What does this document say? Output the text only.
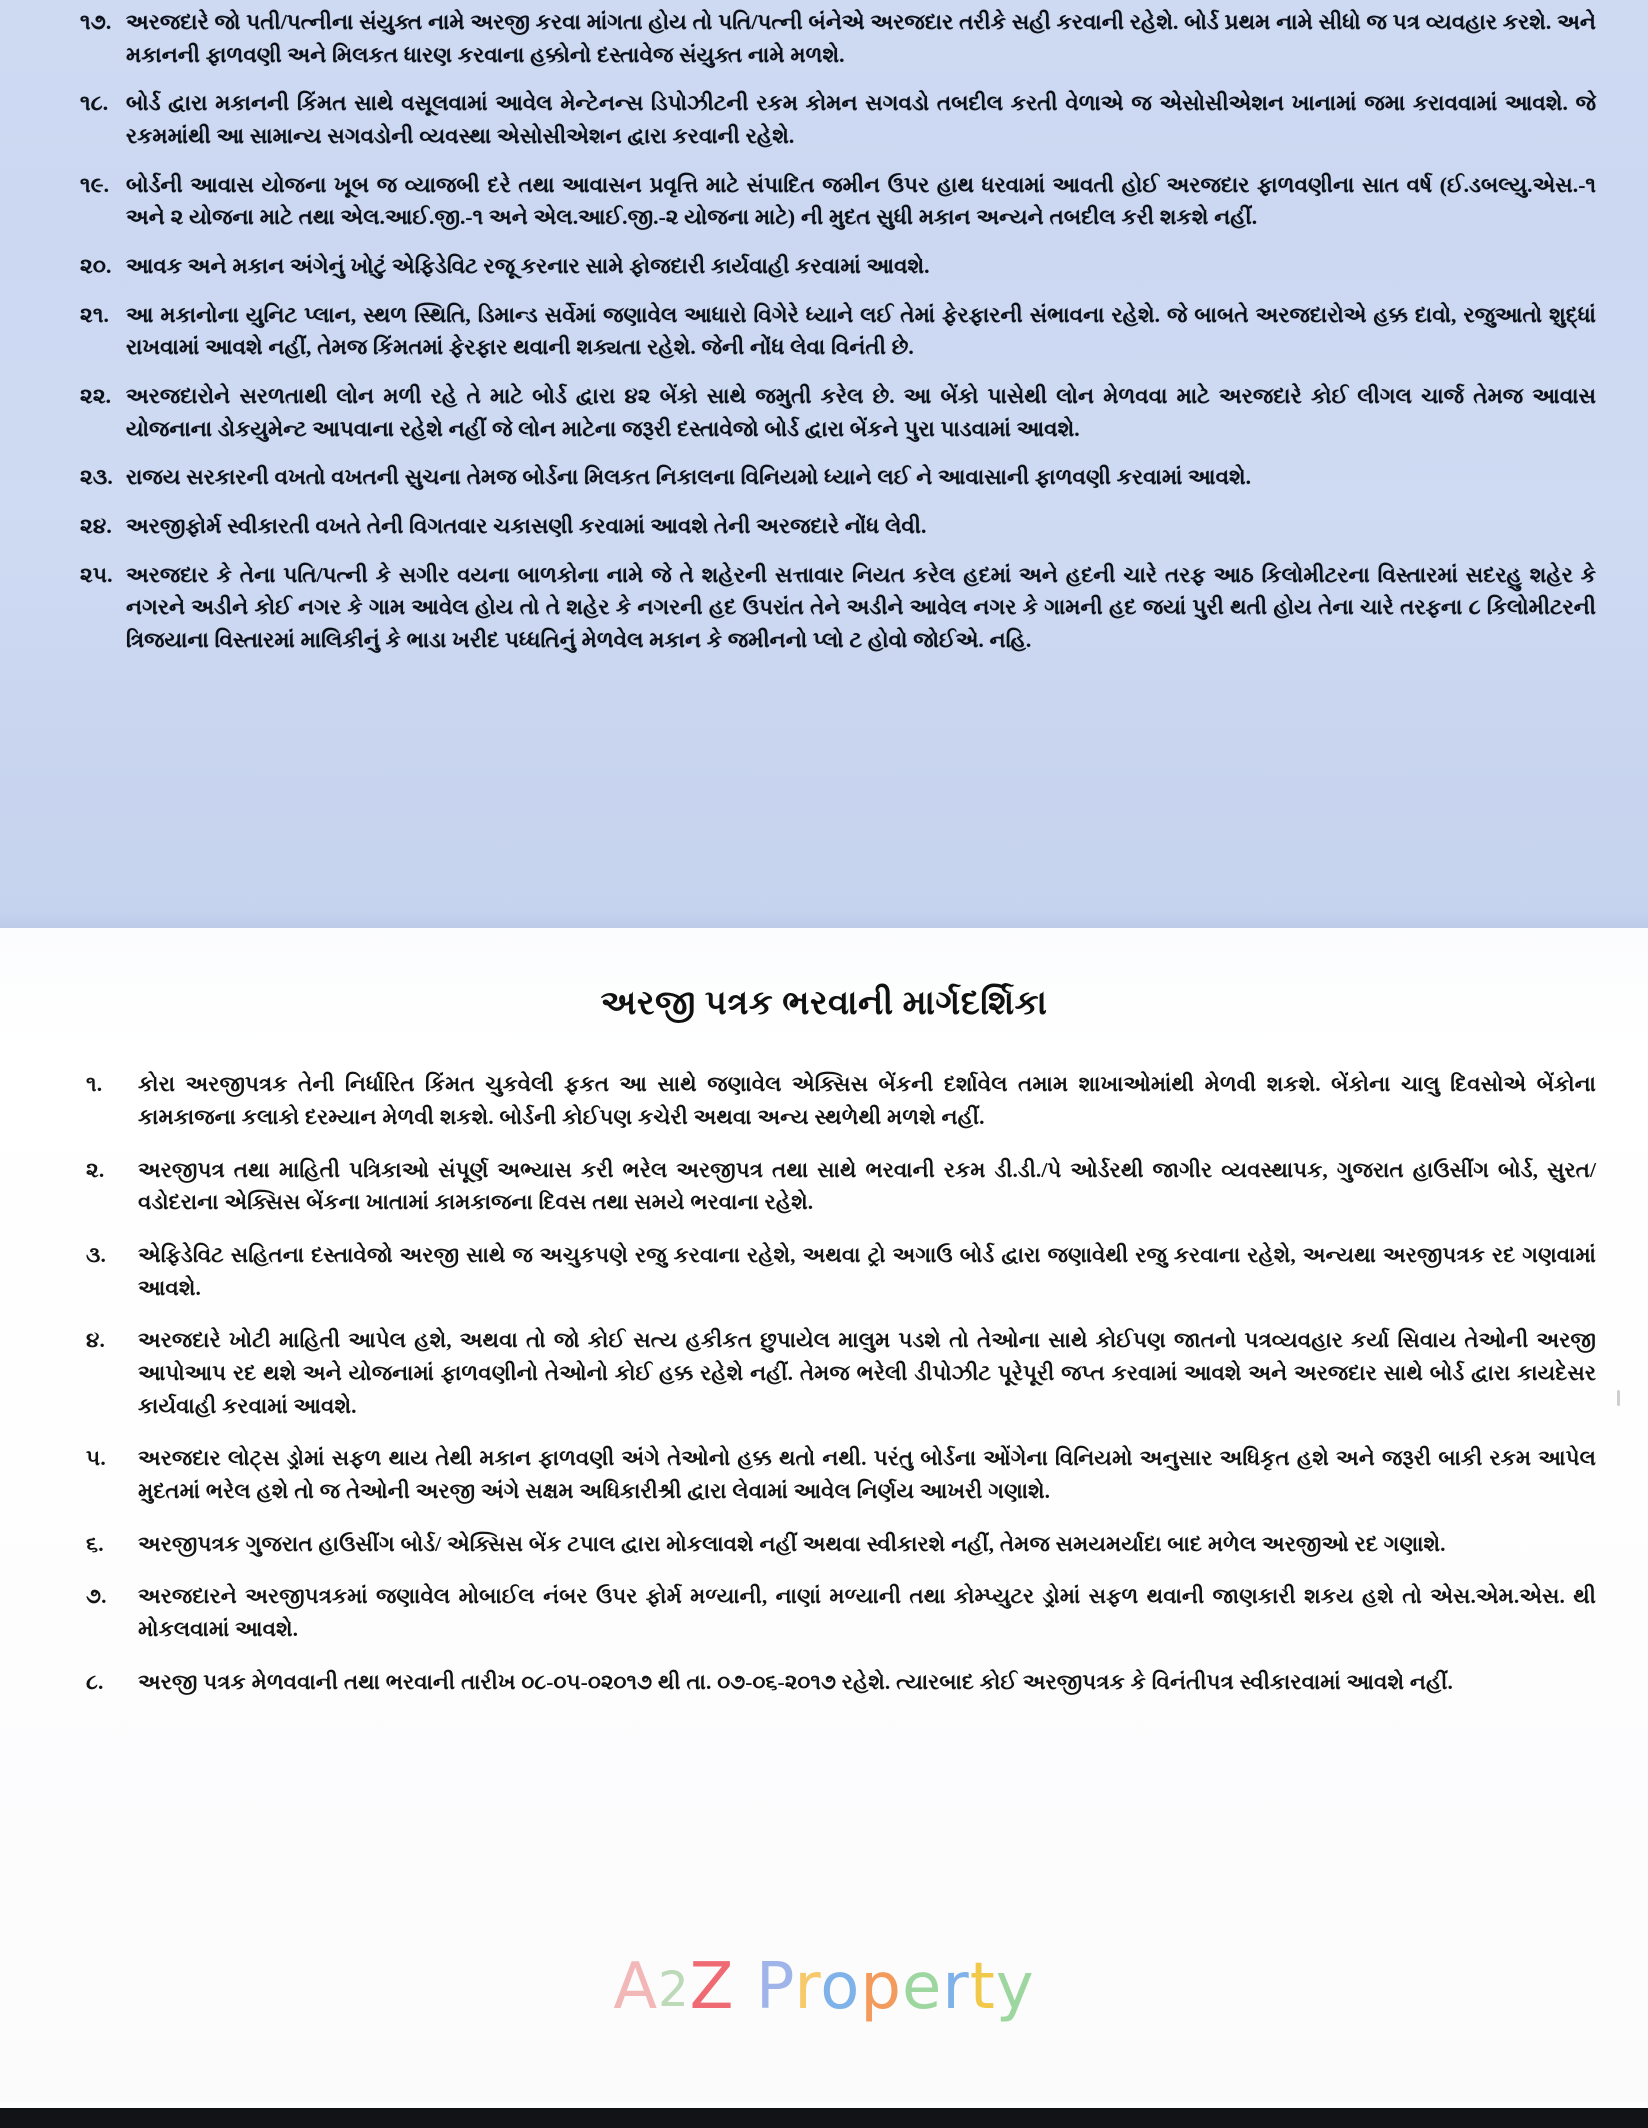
૧૭. અરજદારે જો પતી/પત્નીના સંયુક્ત નામે અરજી કરવા માંગતા હોય તો પતિ/પત્ની બંનેએ અરજદાર તરીકે સહી કરવાની રહેશે. બોર્ડ પ્રથમ નામે સીધો જ પત્ર વ્યવહાર કરશે. અને મકાનની ફાળવણી અને મિલકત ધારણ કરવાના હક્કોનો દસ્તાવેજ સંયુક્ત નામે મળશે.
૧૮. બોર્ડ દ્વારા મકાનની કિંમત સાથે વસૂલવામાં આવેલ મેન્ટેનન્સ ડિપોઝીટની રકમ કોમન સગવડો તબદીલ કરતી વેળાએ જ એસોસીએશન ખાનામાં જમા કરાવવામાં આવશે. જે રકમમાંથી આ સામાન્ય સગવડોની વ્યવસ્થા એસોસીએશન દ્વારા કરવાની રહેશે.
૧૯. બોર્ડની આવાસ યોજના ખૂબ જ વ્યાજબી દરે તથા આવાસન પ્રવૃત્તિ માટે સંપાદિત જમીન ઉપર હાથ ધરવામાં આવતી હોઈ અરજદાર ફાળવણીના સાત વર્ષ (ઈ.ડબલ્યુ.એસ.-૧ અને ૨ યોજના માટે તથા એલ.આઈ.જી.-૧ અને એલ.આઈ.જી.-૨ યોજના માટે) ની મુદત સુધી મકાન અન્યને તબદીલ કરી શકશે નહીં.
૨૦. આવક અને મકાન અંગેનું ખોટું એફિડેવિટ રજૂ કરનાર સામે ફોજદારી કાર્યવાહી કરવામાં આવશે.
૨૧. આ મકાનોના યુનિટ પ્લાન, સ્થળ સ્થિતિ, ડિમાન્ડ સર્વેમાં જણાવેલ આધારો વિગેરે ધ્યાને લઈ તેમાં ફેરફારની સંભાવના રહેશે. જે બાબતે અરજદારોએ હક્ક દાવો, રજુઆતો શુદ્ધાં રાખવામાં આવશે નહીં, તેમજ કિંમતમાં ફેરફાર થવાની શક્યતા રહેશે. જેની નોંધ લેવા વિનંતી છે.
૨૨. અરજદારોને સરળતાથી લોન મળી રહે તે માટે બોર્ડ દ્વારા ૪૨ બેંકો સાથે જમુતી કરેલ છે. આ બેંકો પાસેથી લોન મેળવવા માટે અરજદારે કોઈ લીગલ ચાર્જ તેમજ આવાસ યોજનાના ડોકયુમેન્ટ આપવાના રહેશે નહીં જે લોન માટેના જરૂરી દસ્તાવેજો બોર્ડ દ્વારા બેંકને પુરા પાડવામાં આવશે.
૨૩. રાજય સરકારની વખતો વખતની સુચના તેમજ બોર્ડના મિલકત નિકાલના વિનિયમો ધ્યાને લઈ ને આવાસાની ફાળવણી કરવામાં આવશે.
૨૪. અરજીફોર્મ સ્વીકારતી વખતે તેની વિગતવાર ચકાસણી કરવામાં આવશે તેની અરજદારે નોંધ લેવી.
૨૫. અરજદાર કે તેના પતિ/પત્ની કે સગીર વયના બાળકોના નામે જે તે શહેરની સત્તાવાર નિયત કરેલ હદમાં અને હદની ચારે તરફ આઠ કિલોમીટરના વિસ્તારમાં સદરહુ શહેર કે નગરને અડીને કોઈ નગર કે ગામ આવેલ હોય તો તે શહેર કે નગરની હદ ઉપરાંત તેને અડીને આવેલ નગર કે ગામની હદ જયાં પુરી થતી હોય તેના ચારે તરફના ૮ કિલોમીટરની ત્રિજયાના વિસ્તારમાં માલિકીનું કે ભાડા ખરીદ પધ્ધતિનું મેળવેલ મકાન કે જમીનનો પ્લો ટ હોવો જોઈએ. નહિ.
અરજી પત્રક ભરવાની માર્ગદર્શિકા
૧.	કોરા અરજીપત્રક તેની નિર્ધારિત કિંમત ચુકવેલી ફકત આ સાથે જણાવેલ એક્સિસ બેંકની દર્શાવેલ તમામ શાખાઓમાંથી મેળવી શકશે. બેંકોના ચાલુ દિવસોએ બેંકોના કામકાજના કલાકો દરમ્યાન મેળવી શકશે. બોર્ડની કોઈપણ કચેરી અથવા અન્ય સ્થળેથી મળશે નહીં.
૨.	અરજીપત્ર તથા માહિતી પત્રિકાઓ સંપૂર્ણ અભ્યાસ કરી ભરેલ અરજીપત્ર તથા સાથે ભરવાની રકમ ડી.ડી./પે ઓર્ડરથી જાગીર વ્યવસ્થાપક, ગુજરાત હાઉસીંગ બોર્ડ, સુરત/વડોદરાના એક્સિસ બેંકના ખાતામાં કામકાજના દિવસ તથા સમયે ભરવાના રહેશે.
૩.	એફિડેવિટ સહિતના દસ્તાવેજો અરજી સાથે જ અચુકપણે રજુ કરવાના રહેશે, અથવા ટ્રો અગાઉ બોર્ડ દ્વારા જણાવેથી રજુ કરવાના રહેશે, અન્યથા અરજીપત્રક રદ ગણવામાં આવશે.
૪.	અરજદારે ખોટી માહિતી આપેલ હશે, અથવા તો જો કોઈ સત્ય હકીકત છુપાયેલ માલુમ પડશે તો તેઓના સાથે કોઈપણ જાતનો પત્રવ્યવહાર કર્યા સિવાય તેઓની અરજી આપોઆપ રદ થશે અને યોજનામાં ફાળવણીનો તેઓનો કોઈ હક્ક રહેશે નહીં. તેમજ ભરેલી ડીપોઝીટ પૂરેપૂરી જપ્ત કરવામાં આવશે અને અરજદાર સાથે બોર્ડ દ્વારા કાયદેસર કાર્યવાહી કરવામાં આવશે.
૫.	અરજદાર લોટ્સ ડ્રોમાં સફળ થાય તેથી મકાન ફાળવણી અંગે તેઓનો હક્ક થતો નથી. પરંતુ બોર્ડના ઓંગેના વિનિયમો અનુસાર અધિકૃત હશે અને જરૂરી બાકી રકમ આપેલ મુદતમાં ભરેલ હશે તો જ તેઓની અરજી અંગે સક્ષમ અધિકારીશ્રી દ્વારા લેવામાં આવેલ નિર્ણય આખરી ગણાશે.
૬.	અરજીપત્રક ગુજરાત હાઉસીંગ બોર્ડ/ એક્સિસ બેંક ટપાલ દ્વારા મોકલાવશે નહીં અથવા સ્વીકારશે નહીં, તેમજ સમયમર્યાદા બાદ મળેલ અરજીઓ રદ ગણાશે.
૭.	અરજદારને અરજીપત્રકમાં જણાવેલ મોબાઈલ નંબર ઉપર ફોર્મ મળ્યાની, નાણાં મળ્યાની તથા કોમ્પ્યુટર ડ્રોમાં સફળ થવાની જાણકારી શકય હશે તો એસ.એમ.એસ. થી મોકલવામાં આવશે.
૮.	અરજી પત્રક મેળવવાની તથા ભરવાની તારીખ ૦૮-૦૫-૦૨૦૧૭ થી તા. ૦૭-૦૬-૨૦૧૭ રહેશે. ત્યારબાદ કોઈ અરજીપત્રક કે વિનંતીપત્ર સ્વીકારવામાં આવશે નહીં.
A2Z Property
